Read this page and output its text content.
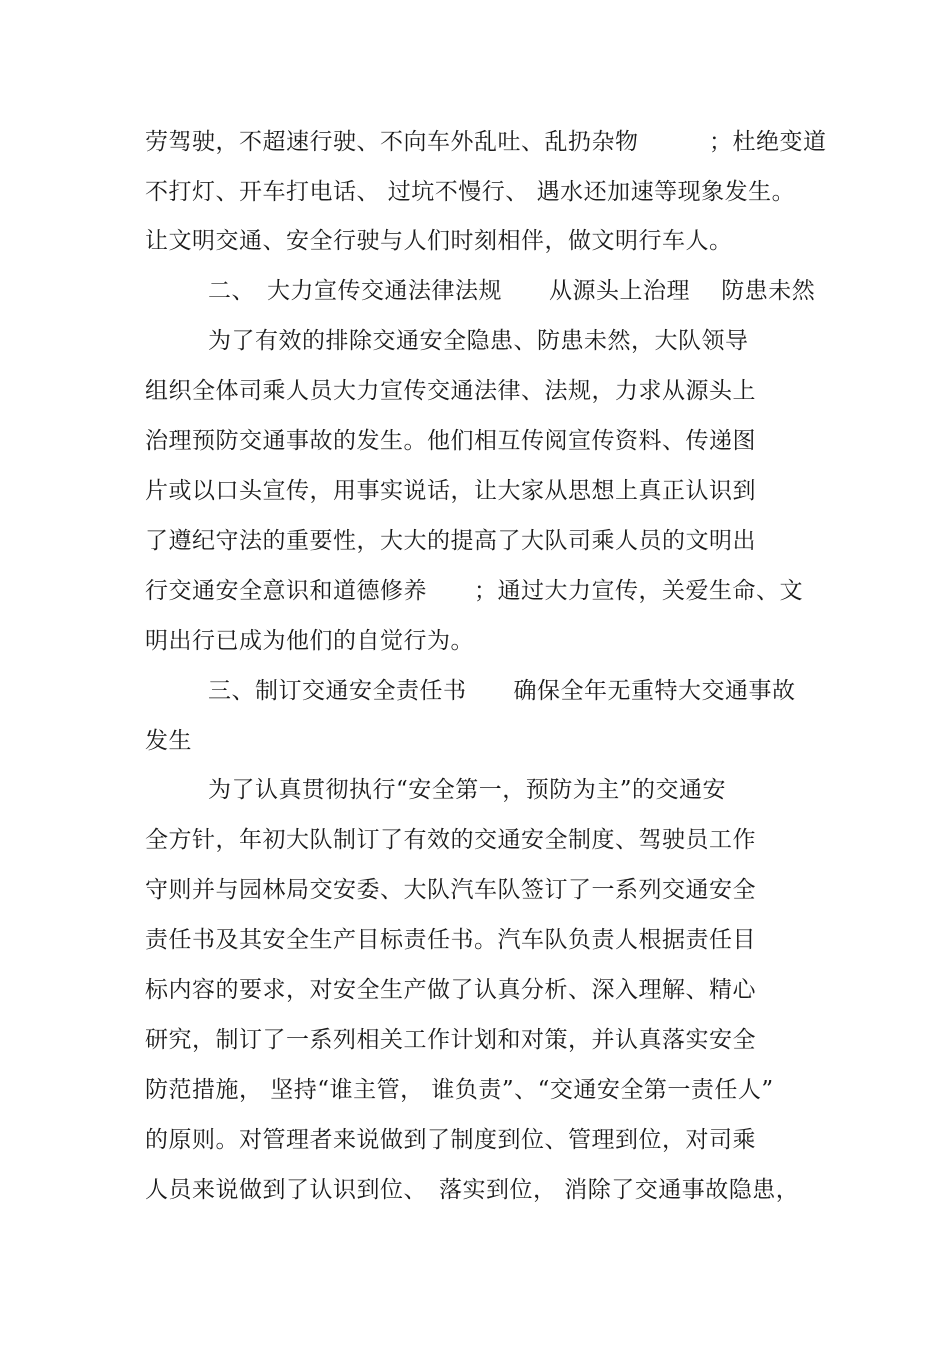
劳驾驶，不超速行驶、不向车外乱吐、乱扔杂物　　　；杜绝变道
不打灯、开车打电话、 过坑不慢行、 遇水还加速等现象发生。
让文明交通、安全行驶与人们时刻相伴，做文明行车人。
二、　大力宣传交通法律法规　　从源头上治理　 防患未然
为了有效的排除交通安全隐患、防患未然，大队领导
组织全体司乘人员大力宣传交通法律、法规，力求从源头上
治理预防交通事故的发生。他们相互传阅宣传资料、传递图
片或以口头宣传，用事实说话，让大家从思想上真正认识到
了遵纪守法的重要性，大大的提高了大队司乘人员的文明出
行交通安全意识和道德修养　　；通过大力宣传，关爱生命、文
明出行已成为他们的自觉行为。
三、制订交通安全责任书　　确保全年无重特大交通事故
发生
为了认真贯彻执行“安全第一，预防为主”的交通安
全方针，年初大队制订了有效的交通安全制度、驾驶员工作
守则并与园林局交安委、大队汽车队签订了一系列交通安全
责任书及其安全生产目标责任书。汽车队负责人根据责任目
标内容的要求，对安全生产做了认真分析、深入理解、精心
研究，制订了一系列相关工作计划和对策，并认真落实安全
防范措施， 坚持“谁主管， 谁负责”、“交通安全第一责任人”
的原则。对管理者来说做到了制度到位、管理到位，对司乘
人员来说做到了认识到位、　落实到位， 消除了交通事故隐患，
